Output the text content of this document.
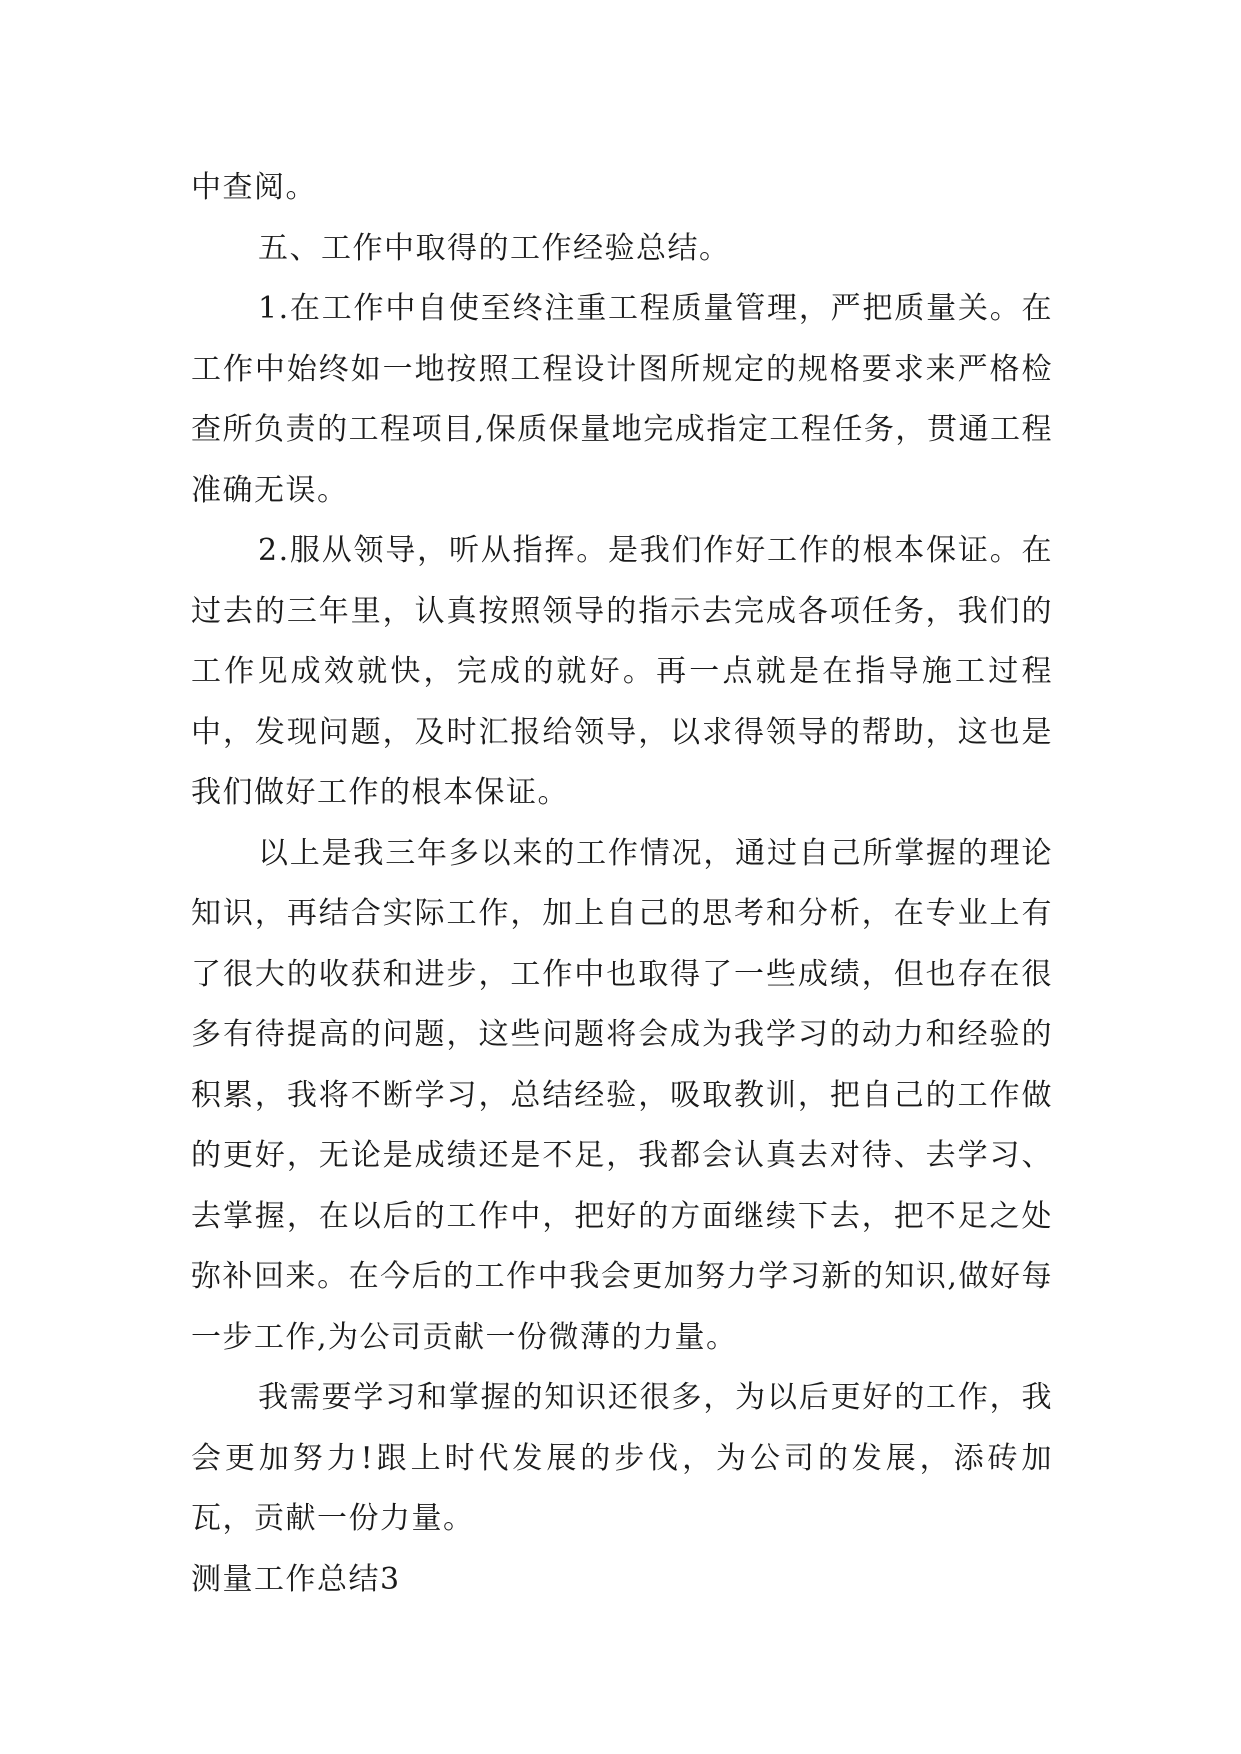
中查阅。

五、工作中取得的工作经验总结。

1.在工作中自使至终注重工程质量管理，严把质量关。在工作中始终如一地按照工程设计图所规定的规格要求来严格检查所负责的工程项目,保质保量地完成指定工程任务，贯通工程准确无误。

2.服从领导，听从指挥。是我们作好工作的根本保证。在过去的三年里，认真按照领导的指示去完成各项任务，我们的工作见成效就快，完成的就好。再一点就是在指导施工过程中，发现问题，及时汇报给领导，以求得领导的帮助，这也是我们做好工作的根本保证。

以上是我三年多以来的工作情况，通过自己所掌握的理论知识，再结合实际工作，加上自己的思考和分析，在专业上有了很大的收获和进步，工作中也取得了一些成绩，但也存在很多有待提高的问题，这些问题将会成为我学习的动力和经验的积累，我将不断学习，总结经验，吸取教训，把自己的工作做的更好，无论是成绩还是不足，我都会认真去对待、去学习、去掌握，在以后的工作中，把好的方面继续下去，把不足之处弥补回来。在今后的工作中我会更加努力学习新的知识,做好每一步工作,为公司贡献一份微薄的力量。

我需要学习和掌握的知识还很多，为以后更好的工作，我会更加努力!跟上时代发展的步伐，为公司的发展，添砖加瓦，贡献一份力量。

测量工作总结3
